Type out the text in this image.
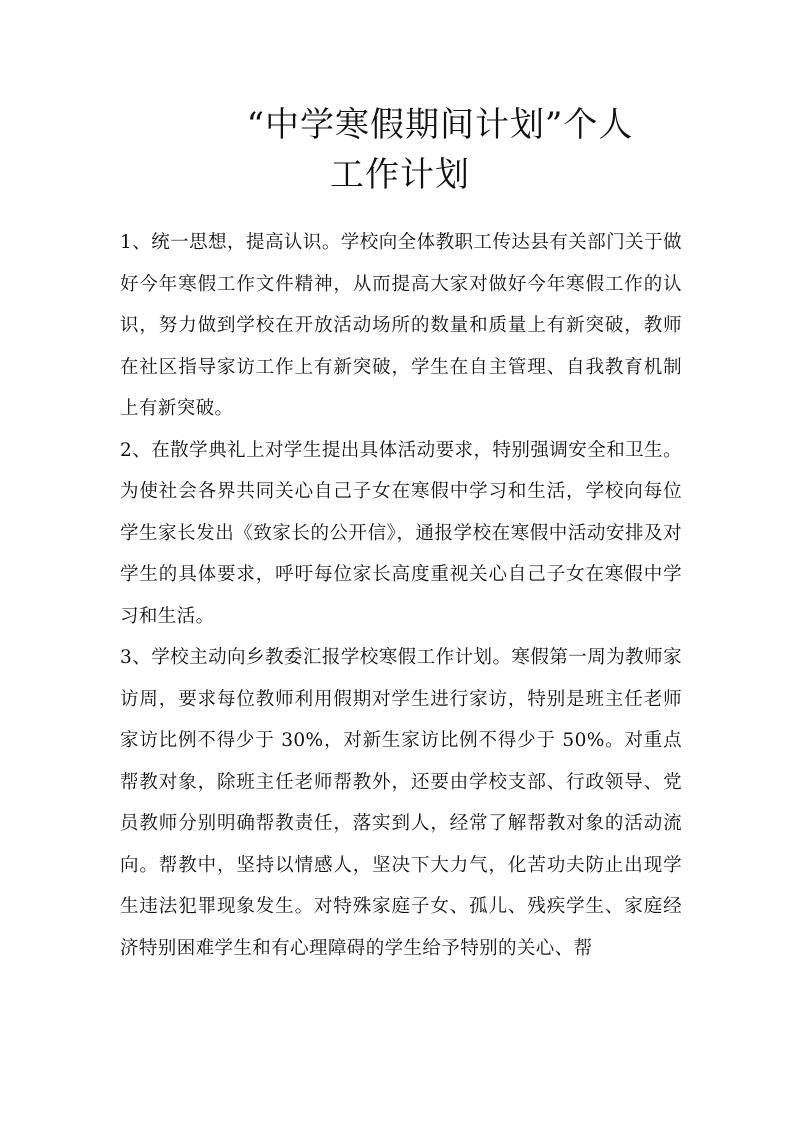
“中学寒假期间计划”个人
工作计划

1、统一思想，提高认识。学校向全体教职工传达县有关部门关于做好今年寒假工作文件精神，从而提高大家对做好今年寒假工作的认识，努力做到学校在开放活动场所的数量和质量上有新突破，教师在社区指导家访工作上有新突破，学生在自主管理、自我教育机制上有新突破。

2、在散学典礼上对学生提出具体活动要求，特别强调安全和卫生。为使社会各界共同关心自己子女在寒假中学习和生活，学校向每位学生家长发出《致家长的公开信》，通报学校在寒假中活动安排及对学生的具体要求，呼吁每位家长高度重视关心自己子女在寒假中学习和生活。

3、学校主动向乡教委汇报学校寒假工作计划。寒假第一周为教师家访周，要求每位教师利用假期对学生进行家访，特别是班主任老师家访比例不得少于 30%，对新生家访比例不得少于 50%。对重点帮教对象，除班主任老师帮教外，还要由学校支部、行政领导、党员教师分别明确帮教责任，落实到人，经常了解帮教对象的活动流向。帮教中，坚持以情感人，坚决下大力气，化苦功夫防止出现学生违法犯罪现象发生。对特殊家庭子女、孤儿、残疾学生、家庭经济特别困难学生和有心理障碍的学生给予特别的关心、帮
